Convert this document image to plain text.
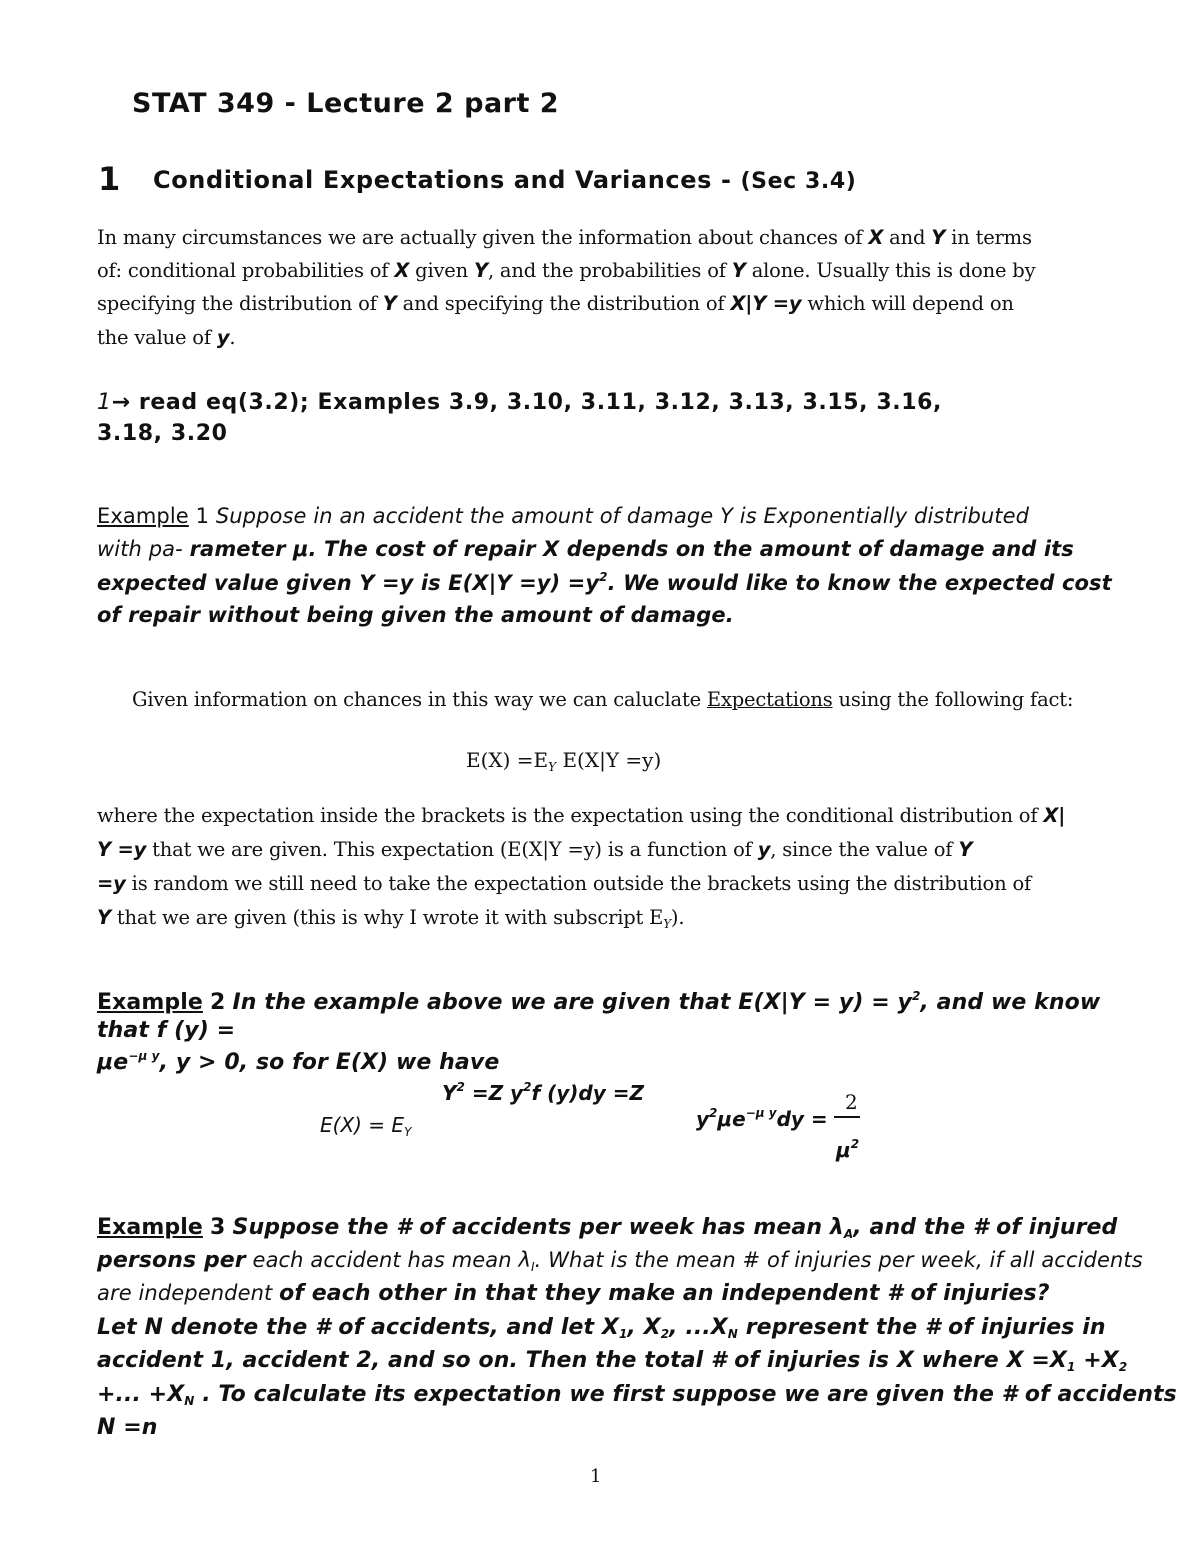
STAT 349 - Lecture 2 part 2
1 Conditional Expectations and Variances - (Sec 3.4)
In many circumstances we are actually given the information about chances of X and Y in terms
of: conditional probabilities of X given Y, and the probabilities of Y alone. Usually this is done by
specifying the distribution of Y and specifying the distribution of X|Y =y which will depend on
the value of y.
1→ read eq(3.2); Examples 3.9, 3.10, 3.11, 3.12, 3.13, 3.15, 3.16,
3.18, 3.20
Example 1 Suppose in an accident the amount of damage Y is Exponentially distributed
with pa- rameter μ. The cost of repair X depends on the amount of damage and its
expected value given Y =y is $E(X|Y =y) =y^2$. We would like to know the expected cost
of repair without being given the amount of damage.
Given information on chances in this way we can caluclate Expectations using the following fact:
$E(X) =E_Y$ E(X|Y =y)
where the expectation inside the brackets is the expectation using the conditional distribution of X|
Y =y that we are given. This expectation (E(X|Y =y) is a function of y, since the value of Y
=y is random we still need to take the expectation outside the brackets using the distribution of
Y that we are given (this is why I wrote it with subscript $E_Y$).
Example 2 In the example above we are given that $E(X|Y = y) = y^2$, and we know
that f (y) =
$\mu e^{-\mu y}$, y > 0, so for E(X) we have
$Y^2 =Z$ $y^2f$ (y)dy =Z
$E(X) = E_Y$
$y^2\mu e^{-\mu y}dy$ =
2
$\mu^2$
Example 3 Suppose the # of accidents per week has mean $\lambda_A$, and the # of injured
persons per each accident has mean $\lambda_I$. What is the mean # of injuries per week, if all accidents
are independent of each other in that they make an independent # of injuries?
Let N denote the # of accidents, and let $X_1$, $X_2$, $...X_N$ represent the # of injuries in
accident 1, accident 2, and so on. Then the total # of injuries is X where $X =X_1 +X_2$
+... $+X_N$ . To calculate its expectation we first suppose we are given the # of accidents
N =n
1
